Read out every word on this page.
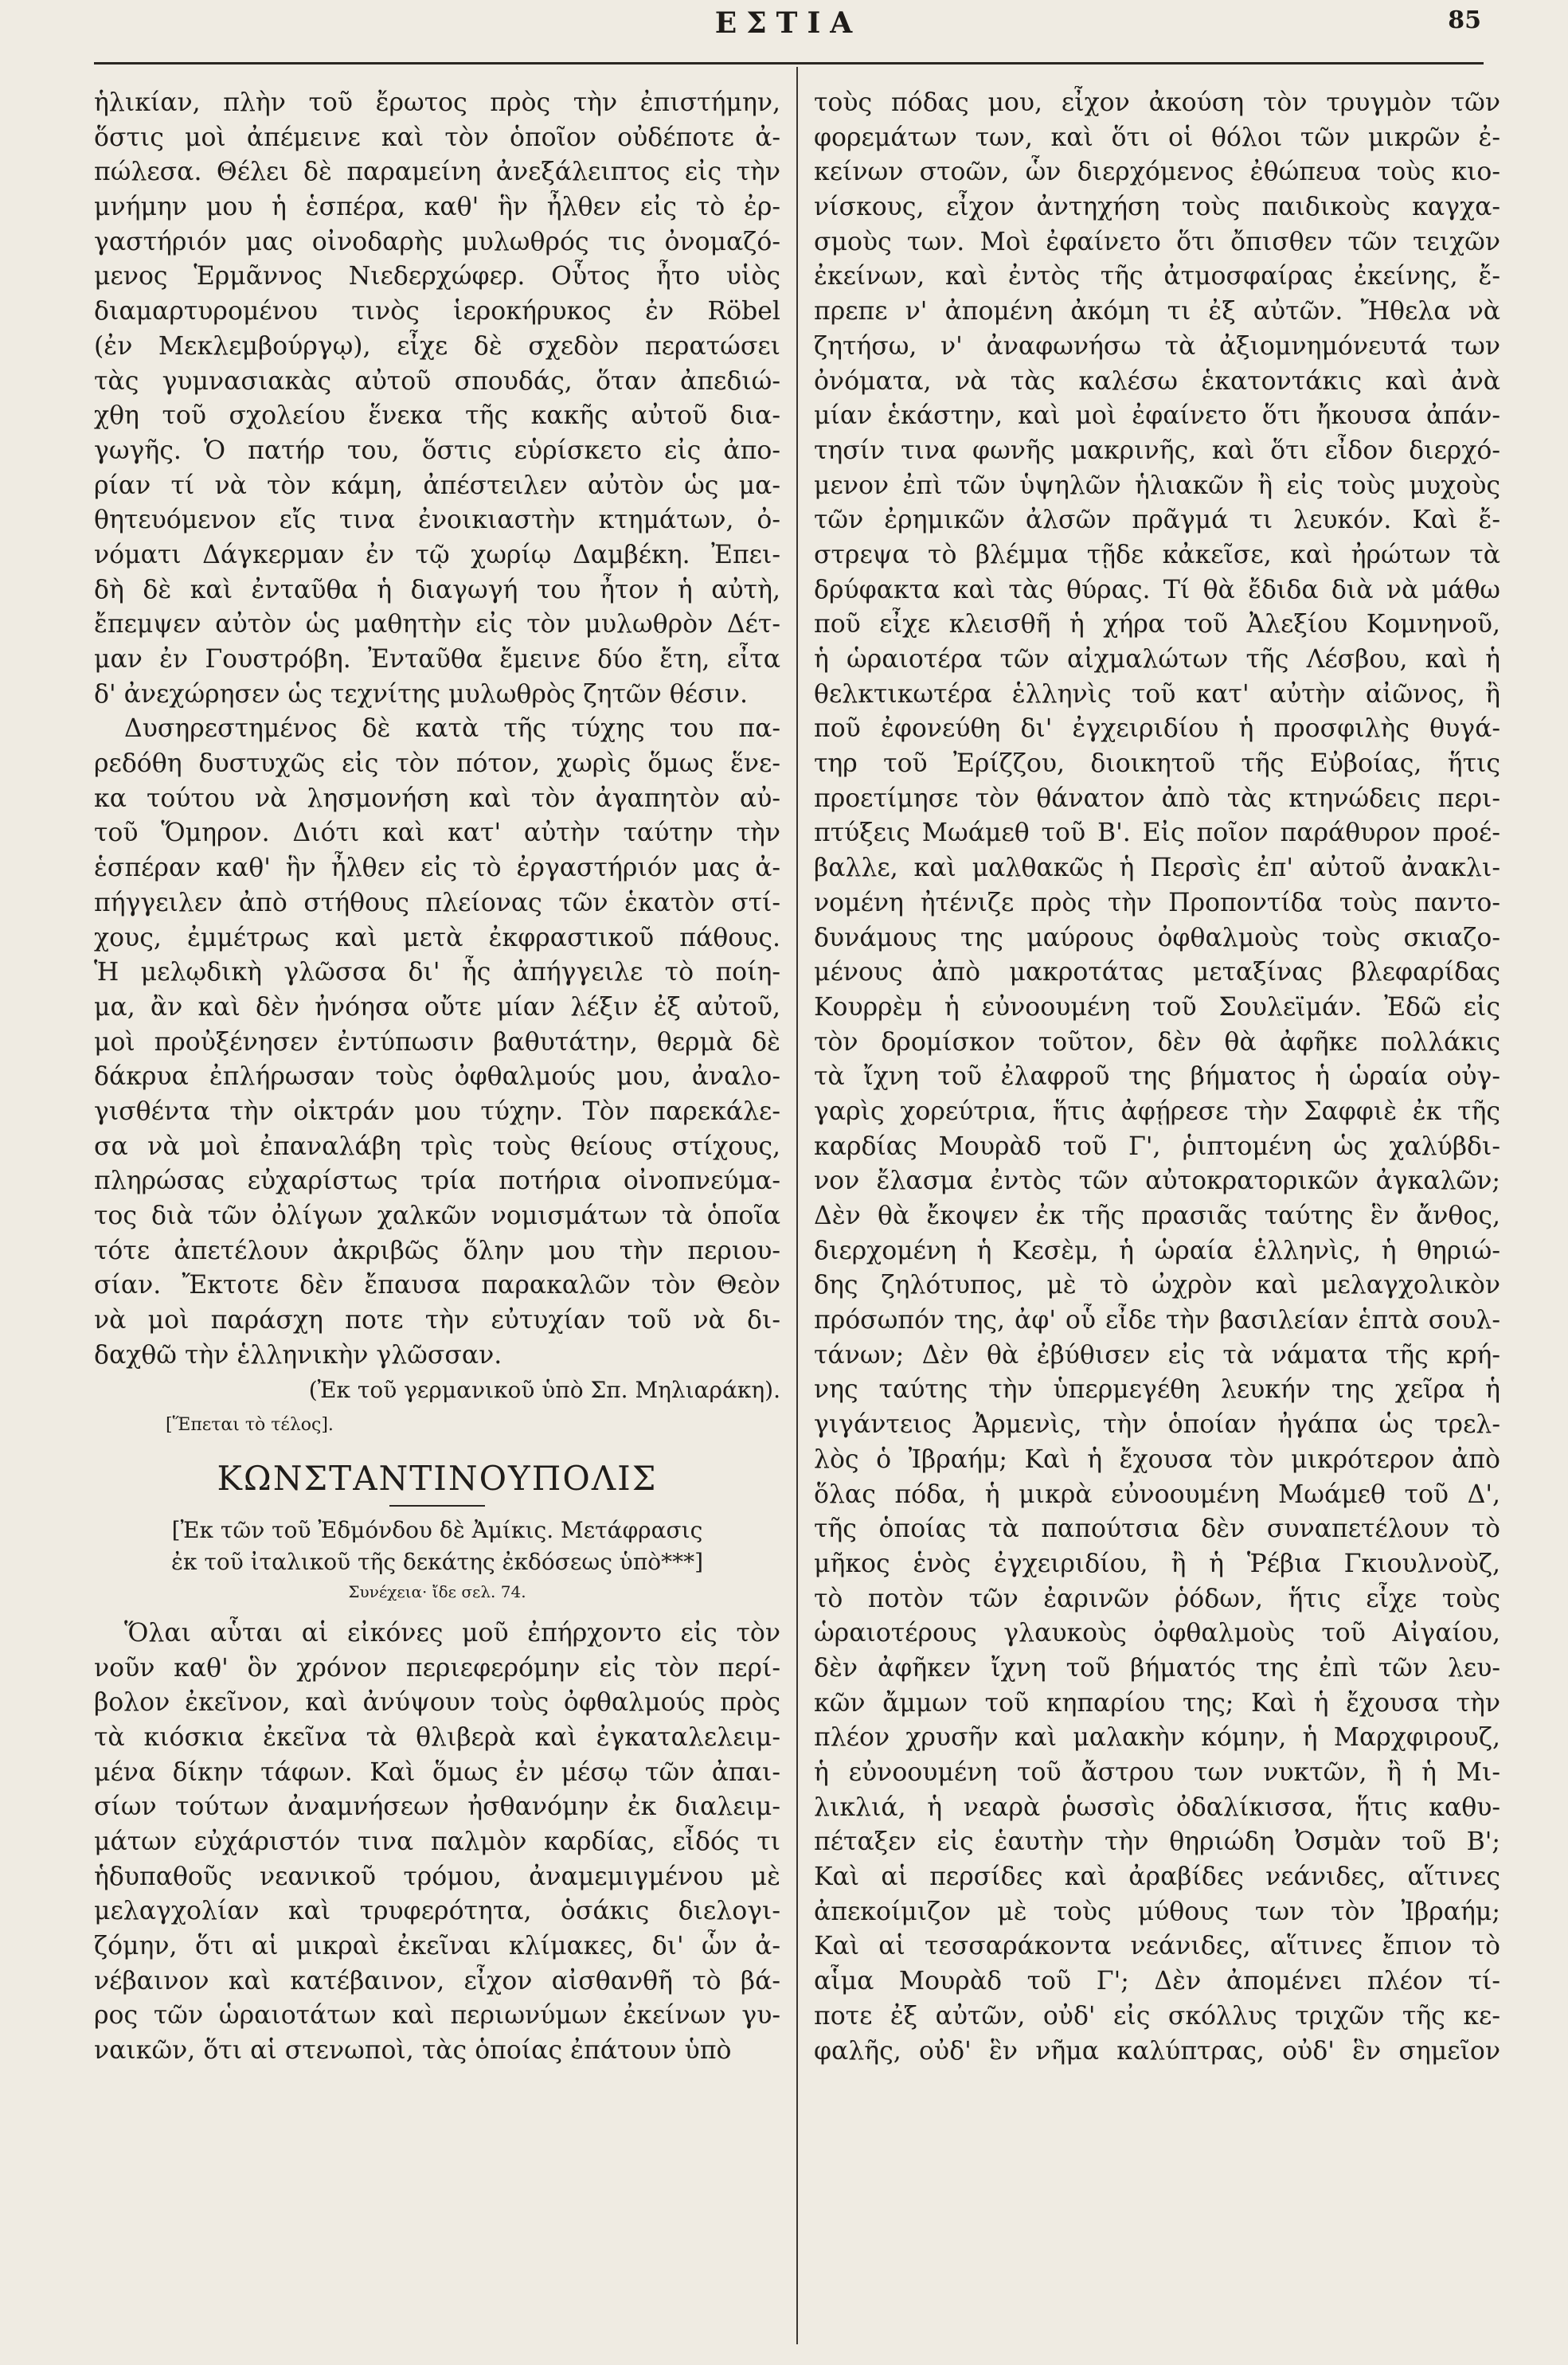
ΕΣΤΙΑ	85
ἡλικίαν, πλὴν τοῦ ἔρωτος πρὸς τὴν ἐπιστήμην,
ὅστις μοὶ ἀπέμεινε καὶ τὸν ὁποῖον οὐδέποτε ἀ-
πώλεσα. Θέλει δὲ παραμείνη ἀνεξάλειπτος εἰς τὴν
μνήμην μου ἡ ἑσπέρα, καθ' ἣν ἦλθεν εἰς τὸ ἐρ-
γαστήριόν μας οἰνοδαρὴς μυλωθρός τις ὀνομαζό-
μενος Ἑρμᾶννος Νιεδερχώφερ. Οὗτος ἦτο υἱὸς
διαμαρτυρομένου τινὸς ἱεροκήρυκος ἐν Röbel
(ἐν Μεκλεμβούργῳ), εἶχε δὲ σχεδὸν περατώσει
τὰς γυμνασιακὰς αὐτοῦ σπουδάς, ὅταν ἀπεδιώ-
χθη τοῦ σχολείου ἕνεκα τῆς κακῆς αὐτοῦ δια-
γωγῆς. Ὁ πατήρ του, ὅστις εὑρίσκετο εἰς ἀπο-
ρίαν τί νὰ τὸν κάμη, ἀπέστειλεν αὐτὸν ὡς μα-
θητευόμενον εἴς τινα ἐνοικιαστὴν κτημάτων, ὀ-
νόματι Δάγκερμαν ἐν τῷ χωρίῳ Δαμβέκη. Ἐπει-
δὴ δὲ καὶ ἐνταῦθα ἡ διαγωγή του ἦτον ἡ αὐτὴ,
ἔπεμψεν αὐτὸν ὡς μαθητὴν εἰς τὸν μυλωθρὸν Δέτ-
μαν ἐν Γουστρόβη. Ἐνταῦθα ἔμεινε δύο ἔτη, εἶτα
δ' ἀνεχώρησεν ὡς τεχνίτης μυλωθρὸς ζητῶν θέσιν.
Δυσηρεστημένος δὲ κατὰ τῆς τύχης του πα-
ρεδόθη δυστυχῶς εἰς τὸν πότον, χωρὶς ὅμως ἕνε-
κα τούτου νὰ λησμονήση καὶ τὸν ἀγαπητὸν αὐ-
τοῦ Ὅμηρον. Διότι καὶ κατ' αὐτὴν ταύτην τὴν
ἑσπέραν καθ' ἣν ἦλθεν εἰς τὸ ἐργαστήριόν μας ἀ-
πήγγειλεν ἀπὸ στήθους πλείονας τῶν ἑκατὸν στί-
χους, ἐμμέτρως καὶ μετὰ ἐκφραστικοῦ πάθους.
Ἡ μελῳδικὴ γλῶσσα δι' ἧς ἀπήγγειλε τὸ ποίη-
μα, ἂν καὶ δὲν ἠνόησα οὔτε μίαν λέξιν ἐξ αὐτοῦ,
μοὶ προὐξένησεν ἐντύπωσιν βαθυτάτην, θερμὰ δὲ
δάκρυα ἐπλήρωσαν τοὺς ὀφθαλμούς μου, ἀναλο-
γισθέντα τὴν οἰκτράν μου τύχην. Τὸν παρεκάλε-
σα νὰ μοὶ ἐπαναλάβη τρὶς τοὺς θείους στίχους,
πληρώσας εὐχαρίστως τρία ποτήρια οἰνοπνεύμα-
τος διὰ τῶν ὀλίγων χαλκῶν νομισμάτων τὰ ὁποῖα
τότε ἀπετέλουν ἀκριβῶς ὅλην μου τὴν περιου-
σίαν. Ἔκτοτε δὲν ἔπαυσα παρακαλῶν τὸν Θεὸν
νὰ μοὶ παράσχη ποτε τὴν εὐτυχίαν τοῦ νὰ δι-
δαχθῶ τὴν ἑλληνικὴν γλῶσσαν.
(Ἐκ τοῦ γερμανικοῦ ὑπὸ Σπ. Μηλιαράκη).
[Ἕπεται τὸ τέλος].
ΚΩΝΣΤΑΝΤΙΝΟΥΠΟΛΙΣ
[Ἐκ τῶν τοῦ Ἐδμόνδου δὲ Ἀμίκις. Μετάφρασις
ἐκ τοῦ ἰταλικοῦ τῆς δεκάτης ἐκδόσεως ὑπὸ***]
Συνέχεια· ἴδε σελ. 74.
Ὅλαι αὗται αἱ εἰκόνες μοῦ ἐπήρχοντο εἰς τὸν
νοῦν καθ' ὃν χρόνον περιεφερόμην εἰς τὸν περί-
βολον ἐκεῖνον, καὶ ἀνύψουν τοὺς ὀφθαλμούς πρὸς
τὰ κιόσκια ἐκεῖνα τὰ θλιβερὰ καὶ ἐγκαταλελειμ-
μένα δίκην τάφων. Καὶ ὅμως ἐν μέσῳ τῶν ἀπαι-
σίων τούτων ἀναμνήσεων ἠσθανόμην ἐκ διαλειμ-
μάτων εὐχάριστόν τινα παλμὸν καρδίας, εἶδός τι
ἡδυπαθοῦς νεανικοῦ τρόμου, ἀναμεμιγμένου μὲ
μελαγχολίαν καὶ τρυφερότητα, ὁσάκις διελογι-
ζόμην, ὅτι αἱ μικραὶ ἐκεῖναι κλίμακες, δι' ὧν ἀ-
νέβαινον καὶ κατέβαινον, εἶχον αἰσθανθῆ τὸ βά-
ρος τῶν ὡραιοτάτων καὶ περιωνύμων ἐκείνων γυ-
ναικῶν, ὅτι αἱ στενωποὶ, τὰς ὁποίας ἐπάτουν ὑπὸ
τοὺς πόδας μου, εἶχον ἀκούση τὸν τρυγμὸν τῶν
φορεμάτων των, καὶ ὅτι οἱ θόλοι τῶν μικρῶν ἐ-
κείνων στοῶν, ὧν διερχόμενος ἐθώπευα τοὺς κιο-
νίσκους, εἶχον ἀντηχήση τοὺς παιδικοὺς καγχα-
σμοὺς των. Μοὶ ἐφαίνετο ὅτι ὄπισθεν τῶν τειχῶν
ἐκείνων, καὶ ἐντὸς τῆς ἀτμοσφαίρας ἐκείνης, ἔ-
πρεπε ν' ἀπομένη ἀκόμη τι ἐξ αὐτῶν. Ἤθελα νὰ
ζητήσω, ν' ἀναφωνήσω τὰ ἀξιομνημόνευτά των
ὀνόματα, νὰ τὰς καλέσω ἑκατοντάκις καὶ ἀνὰ
μίαν ἑκάστην, καὶ μοὶ ἐφαίνετο ὅτι ἤκουσα ἀπάν-
τησίν τινα φωνῆς μακρινῆς, καὶ ὅτι εἶδον διερχό-
μενον ἐπὶ τῶν ὑψηλῶν ἡλιακῶν ἢ εἰς τοὺς μυχοὺς
τῶν ἐρημικῶν ἀλσῶν πρᾶγμά τι λευκόν. Καὶ ἔ-
στρεψα τὸ βλέμμα τῇδε κἀκεῖσε, καὶ ἠρώτων τὰ
δρύφακτα καὶ τὰς θύρας. Τί θὰ ἔδιδα διὰ νὰ μάθω
ποῦ εἶχε κλεισθῆ ἡ χήρα τοῦ Ἀλεξίου Κομνηνοῦ,
ἡ ὡραιοτέρα τῶν αἰχμαλώτων τῆς Λέσβου, καὶ ἡ
θελκτικωτέρα ἑλληνὶς τοῦ κατ' αὐτὴν αἰῶνος, ἢ
ποῦ ἐφονεύθη δι' ἐγχειριδίου ἡ προσφιλὴς θυγά-
τηρ τοῦ Ἐρίζζου, διοικητοῦ τῆς Εὐβοίας, ἥτις
προετίμησε τὸν θάνατον ἀπὸ τὰς κτηνώδεις περι-
πτύξεις Μωάμεθ τοῦ Β'. Εἰς ποῖον παράθυρον προέ-
βαλλε, καὶ μαλθακῶς ἡ Περσὶς ἐπ' αὐτοῦ ἀνακλι-
νομένη ἠτένιζε πρὸς τὴν Προποντίδα τοὺς παντο-
δυνάμους της μαύρους ὀφθαλμοὺς τοὺς σκιαζο-
μένους ἀπὸ μακροτάτας μεταξίνας βλεφαρίδας
Κουρρὲμ ἡ εὐνοουμένη τοῦ Σουλεϊμάν. Ἐδῶ εἰς
τὸν δρομίσκον τοῦτον, δὲν θὰ ἀφῆκε πολλάκις
τὰ ἴχνη τοῦ ἐλαφροῦ της βήματος ἡ ὡραία οὐγ-
γαρὶς χορεύτρια, ἥτις ἀφῄρεσε τὴν Σαφφιὲ ἐκ τῆς
καρδίας Μουρὰδ τοῦ Γ', ῥιπτομένη ὡς χαλύβδι-
νον ἔλασμα ἐντὸς τῶν αὐτοκρατορικῶν ἀγκαλῶν;
Δὲν θὰ ἔκοψεν ἐκ τῆς πρασιᾶς ταύτης ἓν ἄνθος,
διερχομένη ἡ Κεσὲμ, ἡ ὡραία ἑλληνὶς, ἡ θηριώ-
δης ζηλότυπος, μὲ τὸ ὠχρὸν καὶ μελαγχολικὸν
πρόσωπόν της, ἀφ' οὗ εἶδε τὴν βασιλείαν ἑπτὰ σουλ-
τάνων; Δὲν θὰ ἐβύθισεν εἰς τὰ νάματα τῆς κρή-
νης ταύτης τὴν ὑπερμεγέθη λευκήν της χεῖρα ἡ
γιγάντειος Ἀρμενὶς, τὴν ὁποίαν ἠγάπα ὡς τρελ-
λὸς ὁ Ἰβραήμ; Καὶ ἡ ἔχουσα τὸν μικρότερον ἀπὸ
ὅλας πόδα, ἡ μικρὰ εὐνοουμένη Μωάμεθ τοῦ Δ',
τῆς ὁποίας τὰ παπούτσια δὲν συναπετέλουν τὸ
μῆκος ἑνὸς ἐγχειριδίου, ἢ ἡ Ῥέβια Γκιουλνοὺζ,
τὸ ποτὸν τῶν ἐαρινῶν ῥόδων, ἥτις εἶχε τοὺς
ὡραιοτέρους γλαυκοὺς ὀφθαλμοὺς τοῦ Αἰγαίου,
δὲν ἀφῆκεν ἴχνη τοῦ βήματός της ἐπὶ τῶν λευ-
κῶν ἄμμων τοῦ κηπαρίου της; Καὶ ἡ ἔχουσα τὴν
πλέον χρυσῆν καὶ μαλακὴν κόμην, ἡ Μαρχφιρουζ,
ἡ εὐνοουμένη τοῦ ἄστρου των νυκτῶν, ἢ ἡ Μι-
λικλιά, ἡ νεαρὰ ῥωσσὶς ὀδαλίκισσα, ἥτις καθυ-
πέταξεν εἰς ἑαυτὴν τὴν θηριώδη Ὀσμὰν τοῦ Β';
Καὶ αἱ περσίδες καὶ ἀραβίδες νεάνιδες, αἵτινες
ἀπεκοίμιζον μὲ τοὺς μύθους των τὸν Ἰβραήμ;
Καὶ αἱ τεσσαράκοντα νεάνιδες, αἵτινες ἔπιον τὸ
αἷμα Μουρὰδ τοῦ Γ'; Δὲν ἀπομένει πλέον τί-
ποτε ἐξ αὐτῶν, οὐδ' εἰς σκόλλυς τριχῶν τῆς κε-
φαλῆς, οὐδ' ἓν νῆμα καλύπτρας, οὐδ' ἓν σημεῖον
